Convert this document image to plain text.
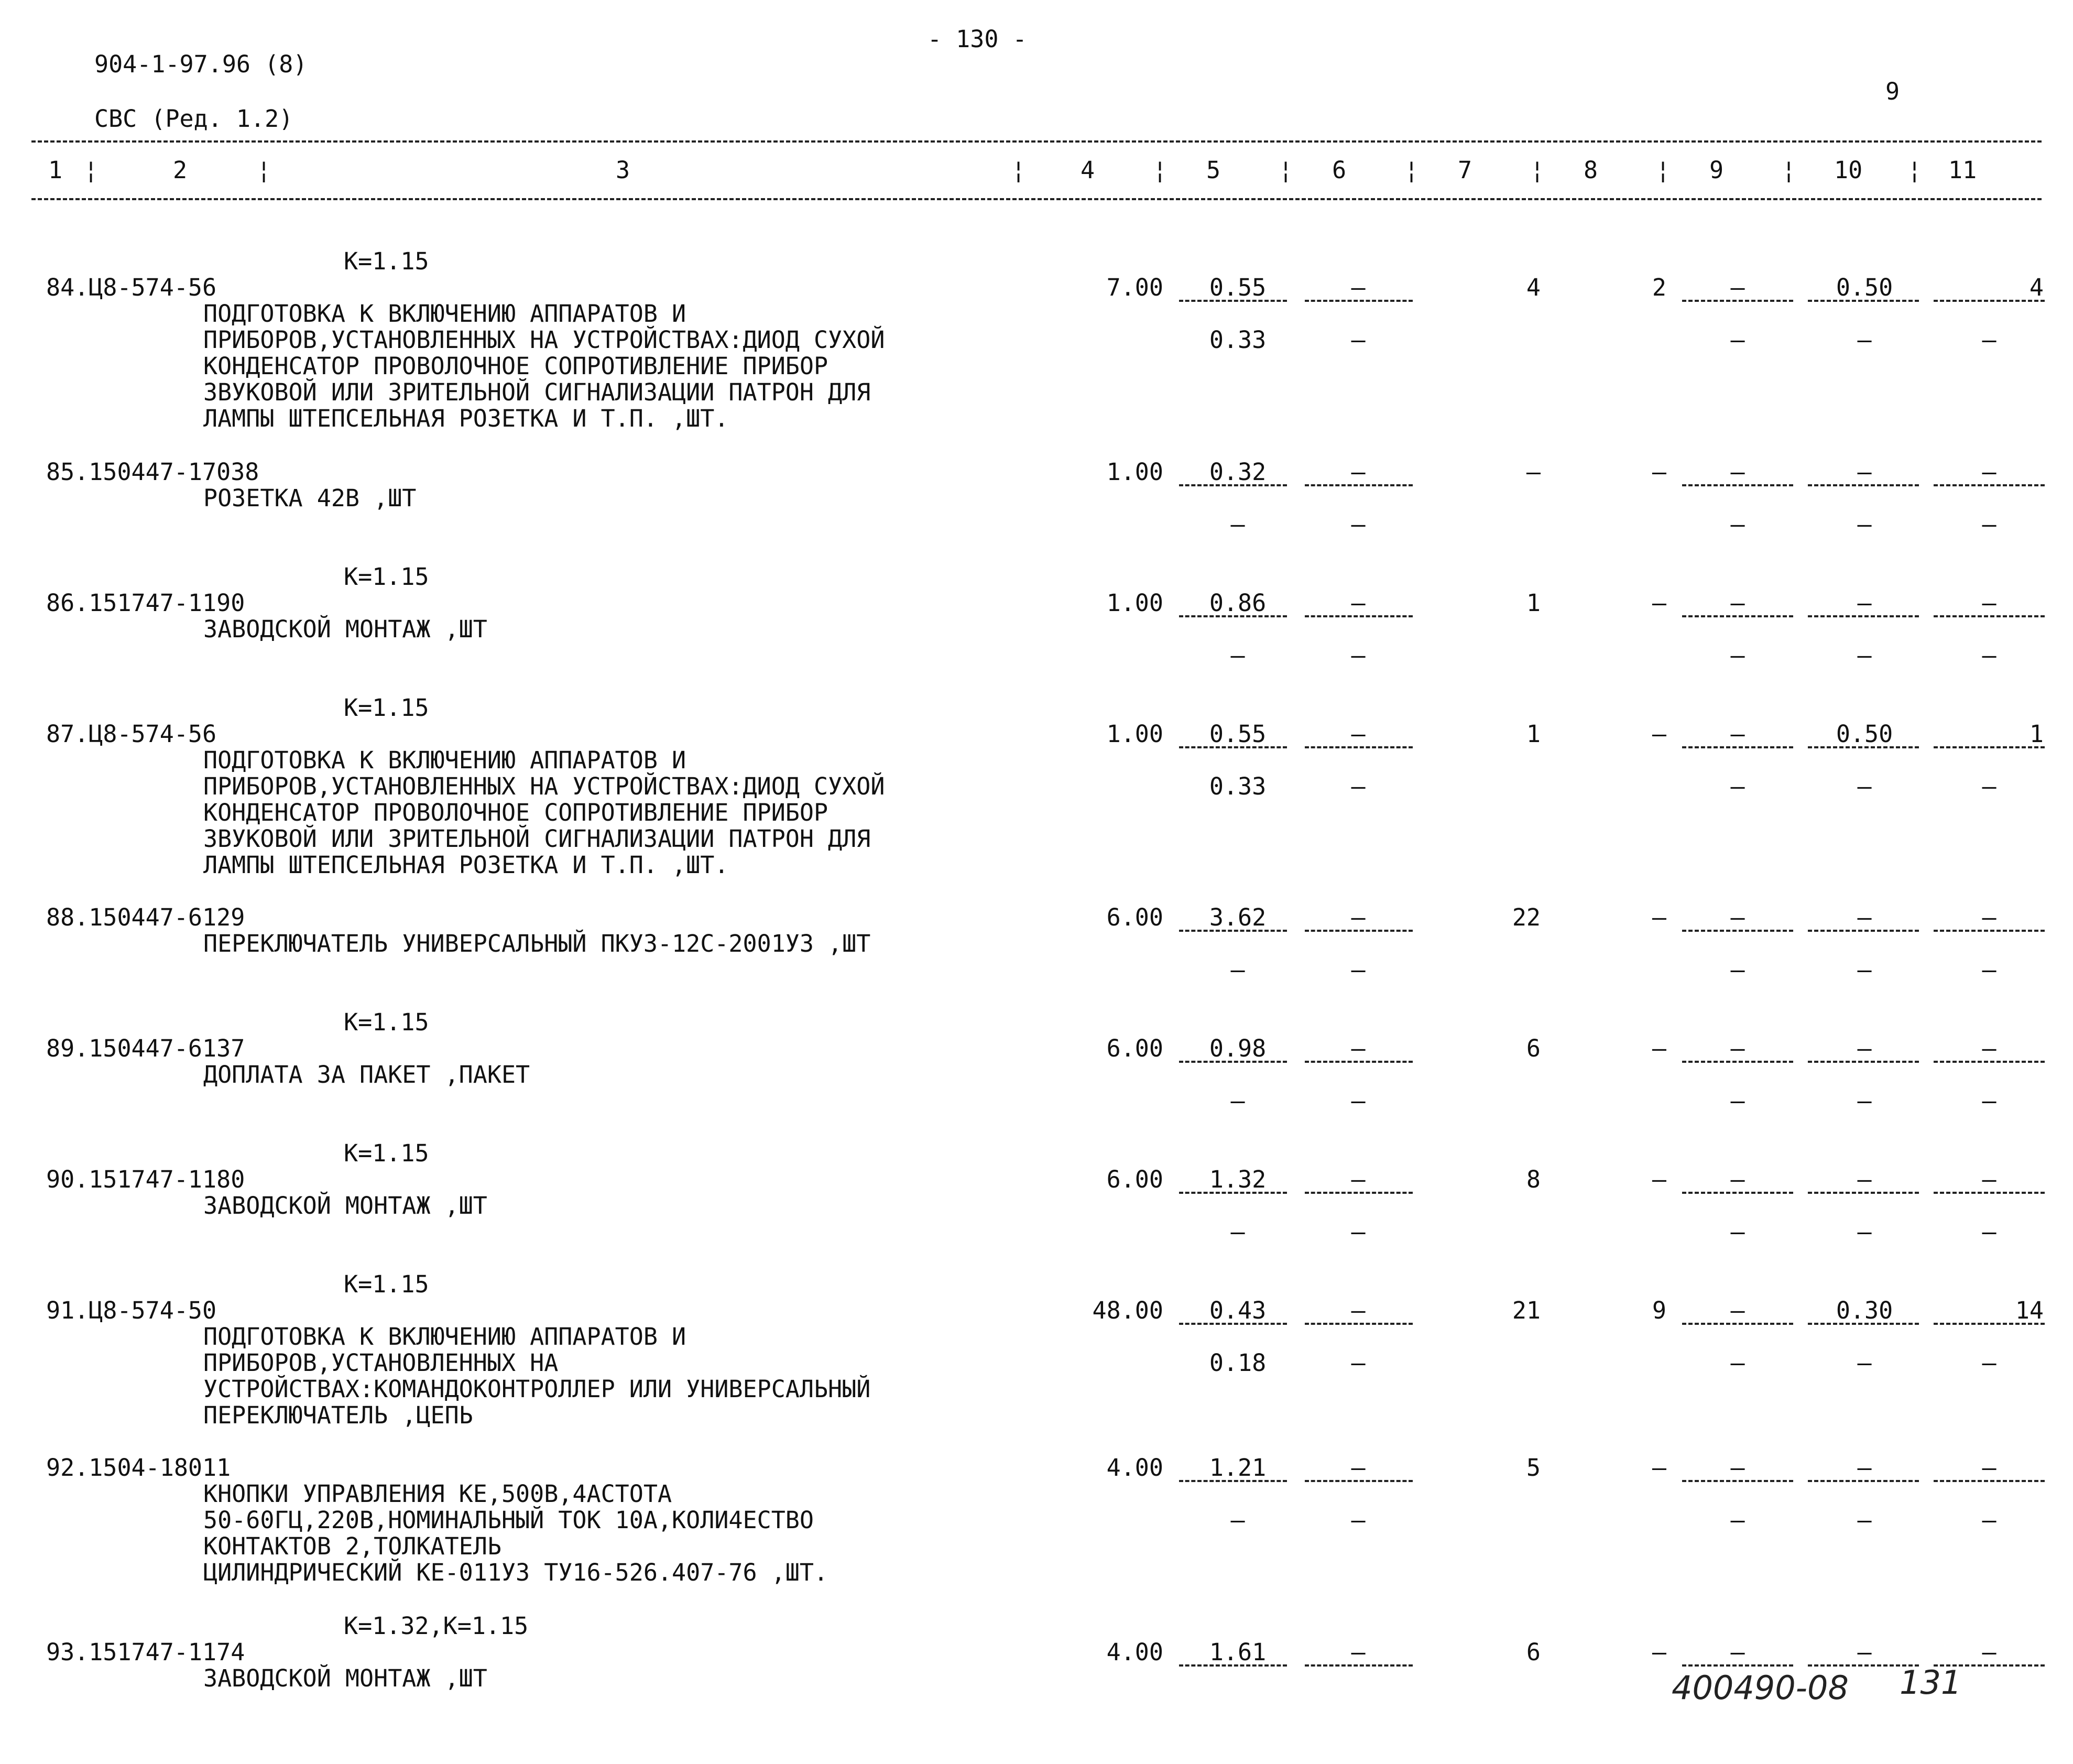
904-1-97.96 (8)
СВС (Ред. 1.2)
- 130 -
9
1	2	3	4	5	6	7	8	9	10	11
¦	¦	¦	¦	¦	¦	¦	¦	¦	¦
К=1.15
84.Ц8-574-56
ПОДГОТОВКА К ВКЛЮЧЕНИЮ АППАРАТОВ И
ПРИБОРОВ,УСТАНОВЛЕННЫХ НА УСТРОЙСТВАХ:ДИОД СУХОЙ
КОНДЕНСАТОР ПРОВОЛОЧНОЕ СОПРОТИВЛЕНИЕ ПРИБОР
ЗВУКОВОЙ ИЛИ ЗРИТЕЛЬНОЙ СИГНАЛИЗАЦИИ ПАТРОН ДЛЯ
ЛАМПЫ ШТЕПСЕЛЬНАЯ РОЗЕТКА И Т.П. ,ШТ.
7.00	0.55	–	4	2	–	0.50	4
0.33	–	–	–	–
85.150447-17038
РОЗЕТКА 42В ,ШТ
1.00	0.32	–	–	–	–	–	–
–	–	–	–	–
К=1.15
86.151747-1190
ЗАВОДСКОЙ МОНТАЖ ,ШТ
1.00	0.86	–	1	–	–	–	–
–	–	–	–	–
К=1.15
87.Ц8-574-56
ПОДГОТОВКА К ВКЛЮЧЕНИЮ АППАРАТОВ И
ПРИБОРОВ,УСТАНОВЛЕННЫХ НА УСТРОЙСТВАХ:ДИОД СУХОЙ
КОНДЕНСАТОР ПРОВОЛОЧНОЕ СОПРОТИВЛЕНИЕ ПРИБОР
ЗВУКОВОЙ ИЛИ ЗРИТЕЛЬНОЙ СИГНАЛИЗАЦИИ ПАТРОН ДЛЯ
ЛАМПЫ ШТЕПСЕЛЬНАЯ РОЗЕТКА И Т.П. ,ШТ.
1.00	0.55	–	1	–	–	0.50	1
0.33	–	–	–	–
88.150447-6129
ПЕРЕКЛЮЧАТЕЛЬ УНИВЕРСАЛЬНЫЙ ПКУ3-12С-2001У3 ,ШТ
6.00	3.62	–	22	–	–	–	–
–	–	–	–	–
К=1.15
89.150447-6137
ДОПЛАТА ЗА ПАКЕТ ,ПАКЕТ
6.00	0.98	–	6	–	–	–	–
–	–	–	–	–
К=1.15
90.151747-1180
ЗАВОДСКОЙ МОНТАЖ ,ШТ
6.00	1.32	–	8	–	–	–	–
–	–	–	–	–
К=1.15
91.Ц8-574-50
ПОДГОТОВКА К ВКЛЮЧЕНИЮ АППАРАТОВ И
ПРИБОРОВ,УСТАНОВЛЕННЫХ НА
УСТРОЙСТВАХ:КОМАНДОКОНТРОЛЛЕР ИЛИ УНИВЕРСАЛЬНЫЙ
ПЕРЕКЛЮЧАТЕЛЬ ,ЦЕПЬ
48.00	0.43	–	21	9	–	0.30	14
0.18	–	–	–	–
92.1504-18011
КНОПКИ УПРАВЛЕНИЯ КЕ,500В,4АСТОТА
50-60ГЦ,220В,НОМИНАЛЬНЫЙ ТОК 10А,КОЛИ4ЕСТВО
КОНТАКТОВ 2,ТОЛКАТЕЛЬ
ЦИЛИНДРИЧЕСКИЙ КЕ-011У3 ТУ16-526.407-76 ,ШТ.
4.00	1.21	–	5	–	–	–	–
–	–	–	–	–
К=1.32,К=1.15
93.151747-1174
ЗАВОДСКОЙ МОНТАЖ ,ШТ
4.00	1.61	–	6	–	–	–	–
400490-08 131
